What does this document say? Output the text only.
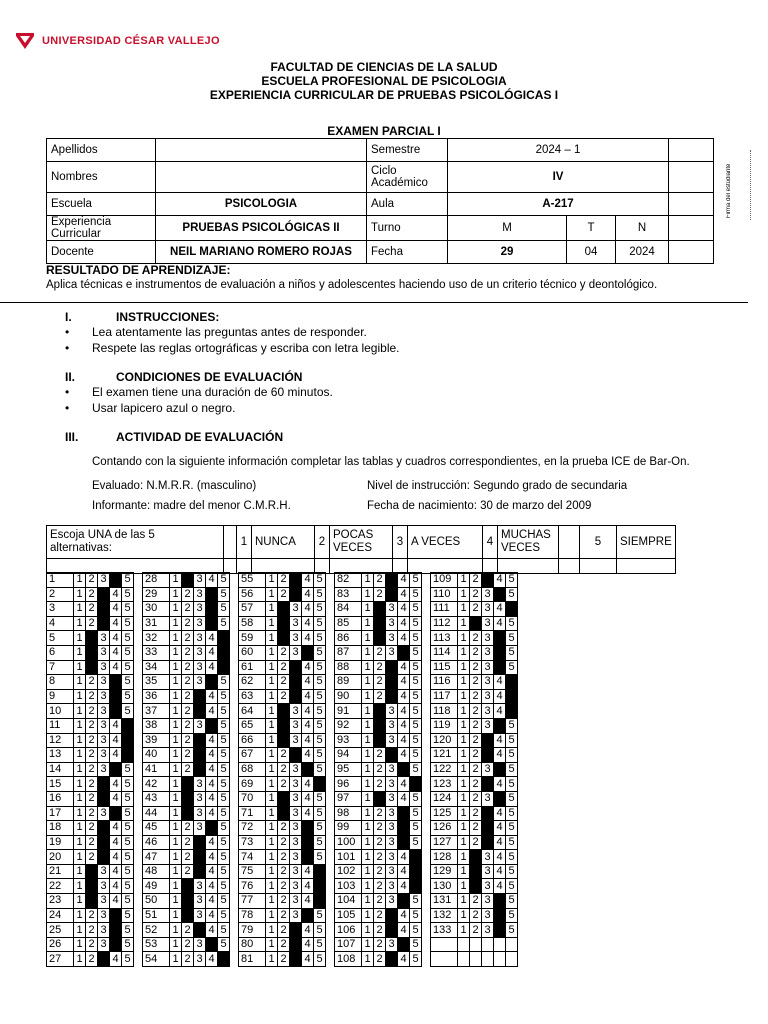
UNIVERSIDAD CÉSAR VALLEJO
FACULTAD DE CIENCIAS DE LA SALUD
ESCUELA PROFESIONAL DE PSICOLOGIA
EXPERIENCIA CURRICULAR DE PRUEBAS PSICOLÓGICAS I
EXAMEN PARCIAL I
Apellidos		Semestre	2024 – 1			
Nombres		Ciclo Académico	IV			
Escuela	PSICOLOGIA	Aula	A-217			
Experiencia Curricular	PRUEBAS PSICOLÓGICAS II	Turno	M	T	N	
Docente	NEIL MARIANO ROMERO ROJAS	Fecha	29	04	2024	
Firma del estudiante
RESULTADO DE APRENDIZAJE:
Aplica técnicas e instrumentos de evaluación a niños y adolescentes haciendo uso de un criterio técnico y deontológico.
I.	INSTRUCCIONES:
• Lea atentamente las preguntas antes de responder.
• Respete las reglas ortográficas y escriba con letra legible.
II.	CONDICIONES DE EVALUACIÓN
• El examen tiene una duración de 60 minutos.
• Usar lapicero azul o negro.
III.	ACTIVIDAD DE EVALUACIÓN
Contando con la siguiente información completar las tablas y cuadros correspondientes, en la prueba ICE de Bar-On.
Evaluado: N.M.R.R. (masculino)	Nivel de instrucción: Segundo grado de secundaria
Informante: madre del menor C.M.R.H.	Fecha de nacimiento: 30 de marzo del 2009
Escoja UNA de las 5 alternativas:		1	NUNCA	2	POCAS VECES	3	A VECES	4	MUCHAS VECES		5	SIEMPRE

1	1	2	3		5		28	1		3	4	5		55	1	2		4	5		82	1	2		4	5		109	1	2		4	5
2	1	2		4	5		29	1	2	3		5		56	1	2		4	5		83	1	2		4	5		110	1	2	3		5
3	1	2		4	5		30	1	2	3		5		57	1		3	4	5		84	1		3	4	5		111	1	2	3	4	
4	1	2		4	5		31	1	2	3		5		58	1		3	4	5		85	1		3	4	5		112	1		3	4	5
5	1		3	4	5		32	1	2	3	4			59	1		3	4	5		86	1		3	4	5		113	1	2	3		5
6	1		3	4	5		33	1	2	3	4			60	1	2	3		5		87	1	2	3		5		114	1	2	3		5
7	1		3	4	5		34	1	2	3	4			61	1	2		4	5		88	1	2		4	5		115	1	2	3		5
8	1	2	3		5		35	1	2	3		5		62	1	2		4	5		89	1	2		4	5		116	1	2	3	4	
9	1	2	3		5		36	1	2		4	5		63	1	2		4	5		90	1	2		4	5		117	1	2	3	4	
10	1	2	3		5		37	1	2		4	5		64	1		3	4	5		91	1		3	4	5		118	1	2	3	4	
11	1	2	3	4			38	1	2	3		5		65	1		3	4	5		92	1		3	4	5		119	1	2	3		5
12	1	2	3	4			39	1	2		4	5		66	1		3	4	5		93	1		3	4	5		120	1	2		4	5
13	1	2	3	4			40	1	2		4	5		67	1	2		4	5		94	1	2		4	5		121	1	2		4	5
14	1	2	3		5		41	1	2		4	5		68	1	2	3		5		95	1	2	3		5		122	1	2	3		5
15	1	2		4	5		42	1		3	4	5		69	1	2	3	4			96	1	2	3	4			123	1	2		4	5
16	1	2		4	5		43	1		3	4	5		70	1		3	4	5		97	1		3	4	5		124	1	2	3		5
17	1	2	3		5		44	1		3	4	5		71	1		3	4	5		98	1	2	3		5		125	1	2		4	5
18	1	2		4	5		45	1	2	3		5		72	1	2	3		5		99	1	2	3		5		126	1	2		4	5
19	1	2		4	5		46	1	2		4	5		73	1	2	3		5		100	1	2	3		5		127	1	2		4	5
20	1	2		4	5		47	1	2		4	5		74	1	2	3		5		101	1	2	3	4			128	1		3	4	5
21	1		3	4	5		48	1	2		4	5		75	1	2	3	4			102	1	2	3	4			129	1		3	4	5
22	1		3	4	5		49	1		3	4	5		76	1	2	3	4			103	1	2	3	4			130	1		3	4	5
23	1		3	4	5		50	1		3	4	5		77	1	2	3	4			104	1	2	3		5		131	1	2	3		5
24	1	2	3		5		51	1		3	4	5		78	1	2	3		5		105	1	2		4	5		132	1	2	3		5
25	1	2	3		5		52	1	2		4	5		79	1	2		4	5		106	1	2		4	5		133	1	2	3		5
26	1	2	3		5		53	1	2	3		5		80	1	2		4	5		107	1	2	3		5							
27	1	2		4	5		54	1	2	3	4			81	1	2		4	5		108	1	2		4	5							
